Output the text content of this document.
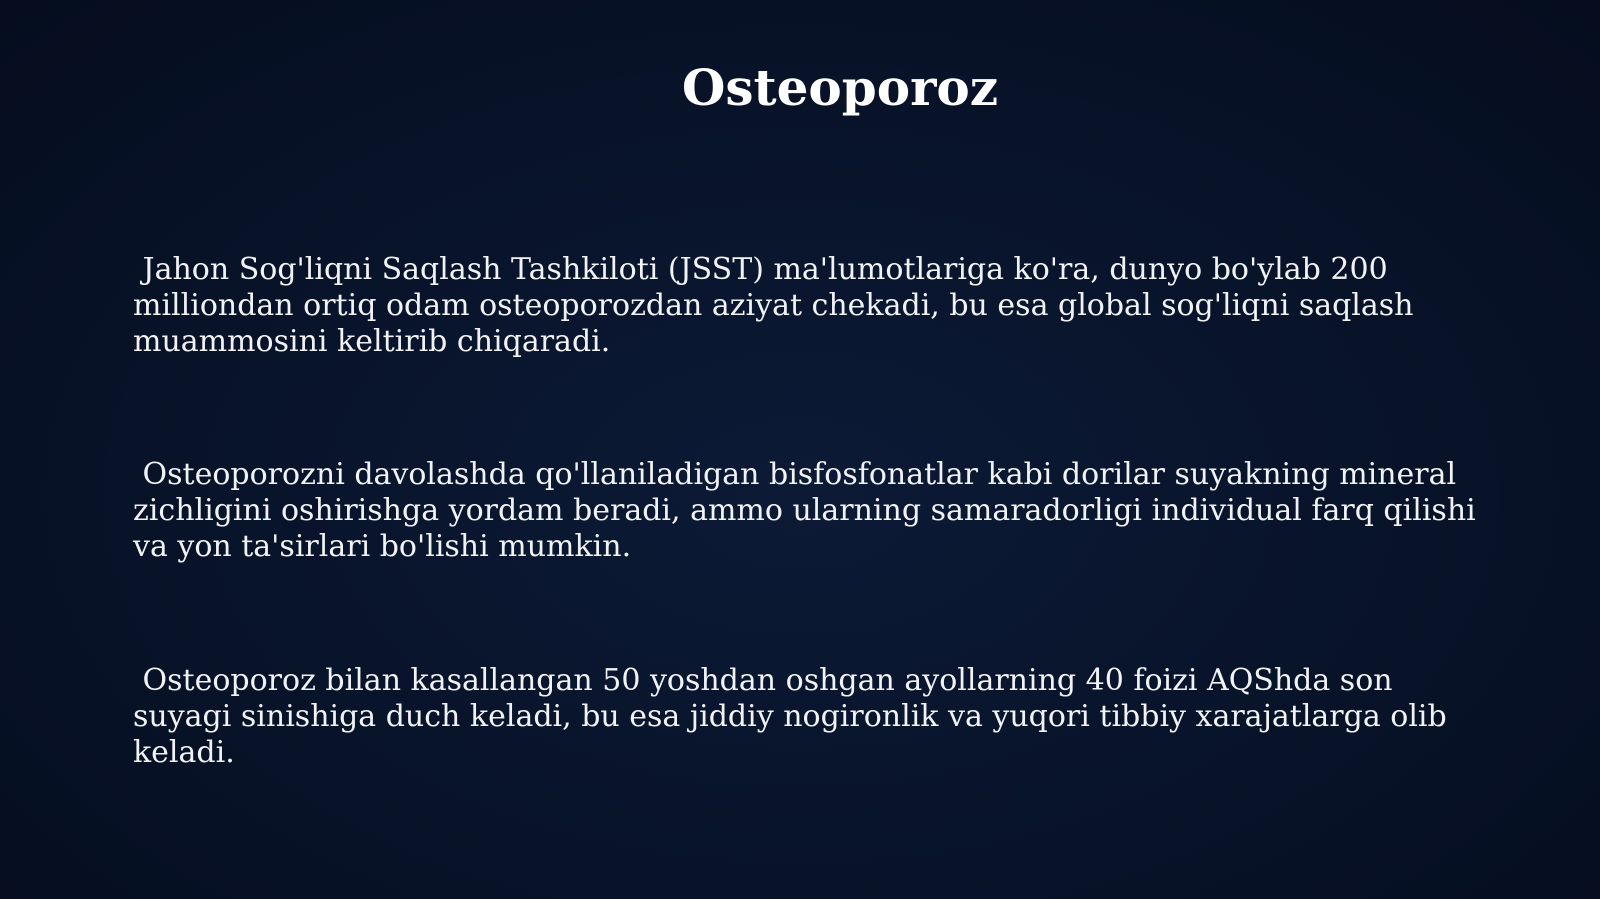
Osteoporoz
Jahon Sog'liqni Saqlash Tashkiloti (JSST) ma'lumotlariga ko'ra, dunyo bo'ylab 200 milliondan ortiq odam osteoporozdan aziyat chekadi, bu esa global sog'liqni saqlash muammosini keltirib chiqaradi.
Osteoporozni davolashda qo'llaniladigan bisfosfonatlar kabi dorilar suyakning mineral zichligini oshirishga yordam beradi, ammo ularning samaradorligi individual farq qilishi va yon ta'sirlari bo'lishi mumkin.
Osteoporoz bilan kasallangan 50 yoshdan oshgan ayollarning 40 foizi AQShda son suyagi sinishiga duch keladi, bu esa jiddiy nogironlik va yuqori tibbiy xarajatlarga olib keladi.
